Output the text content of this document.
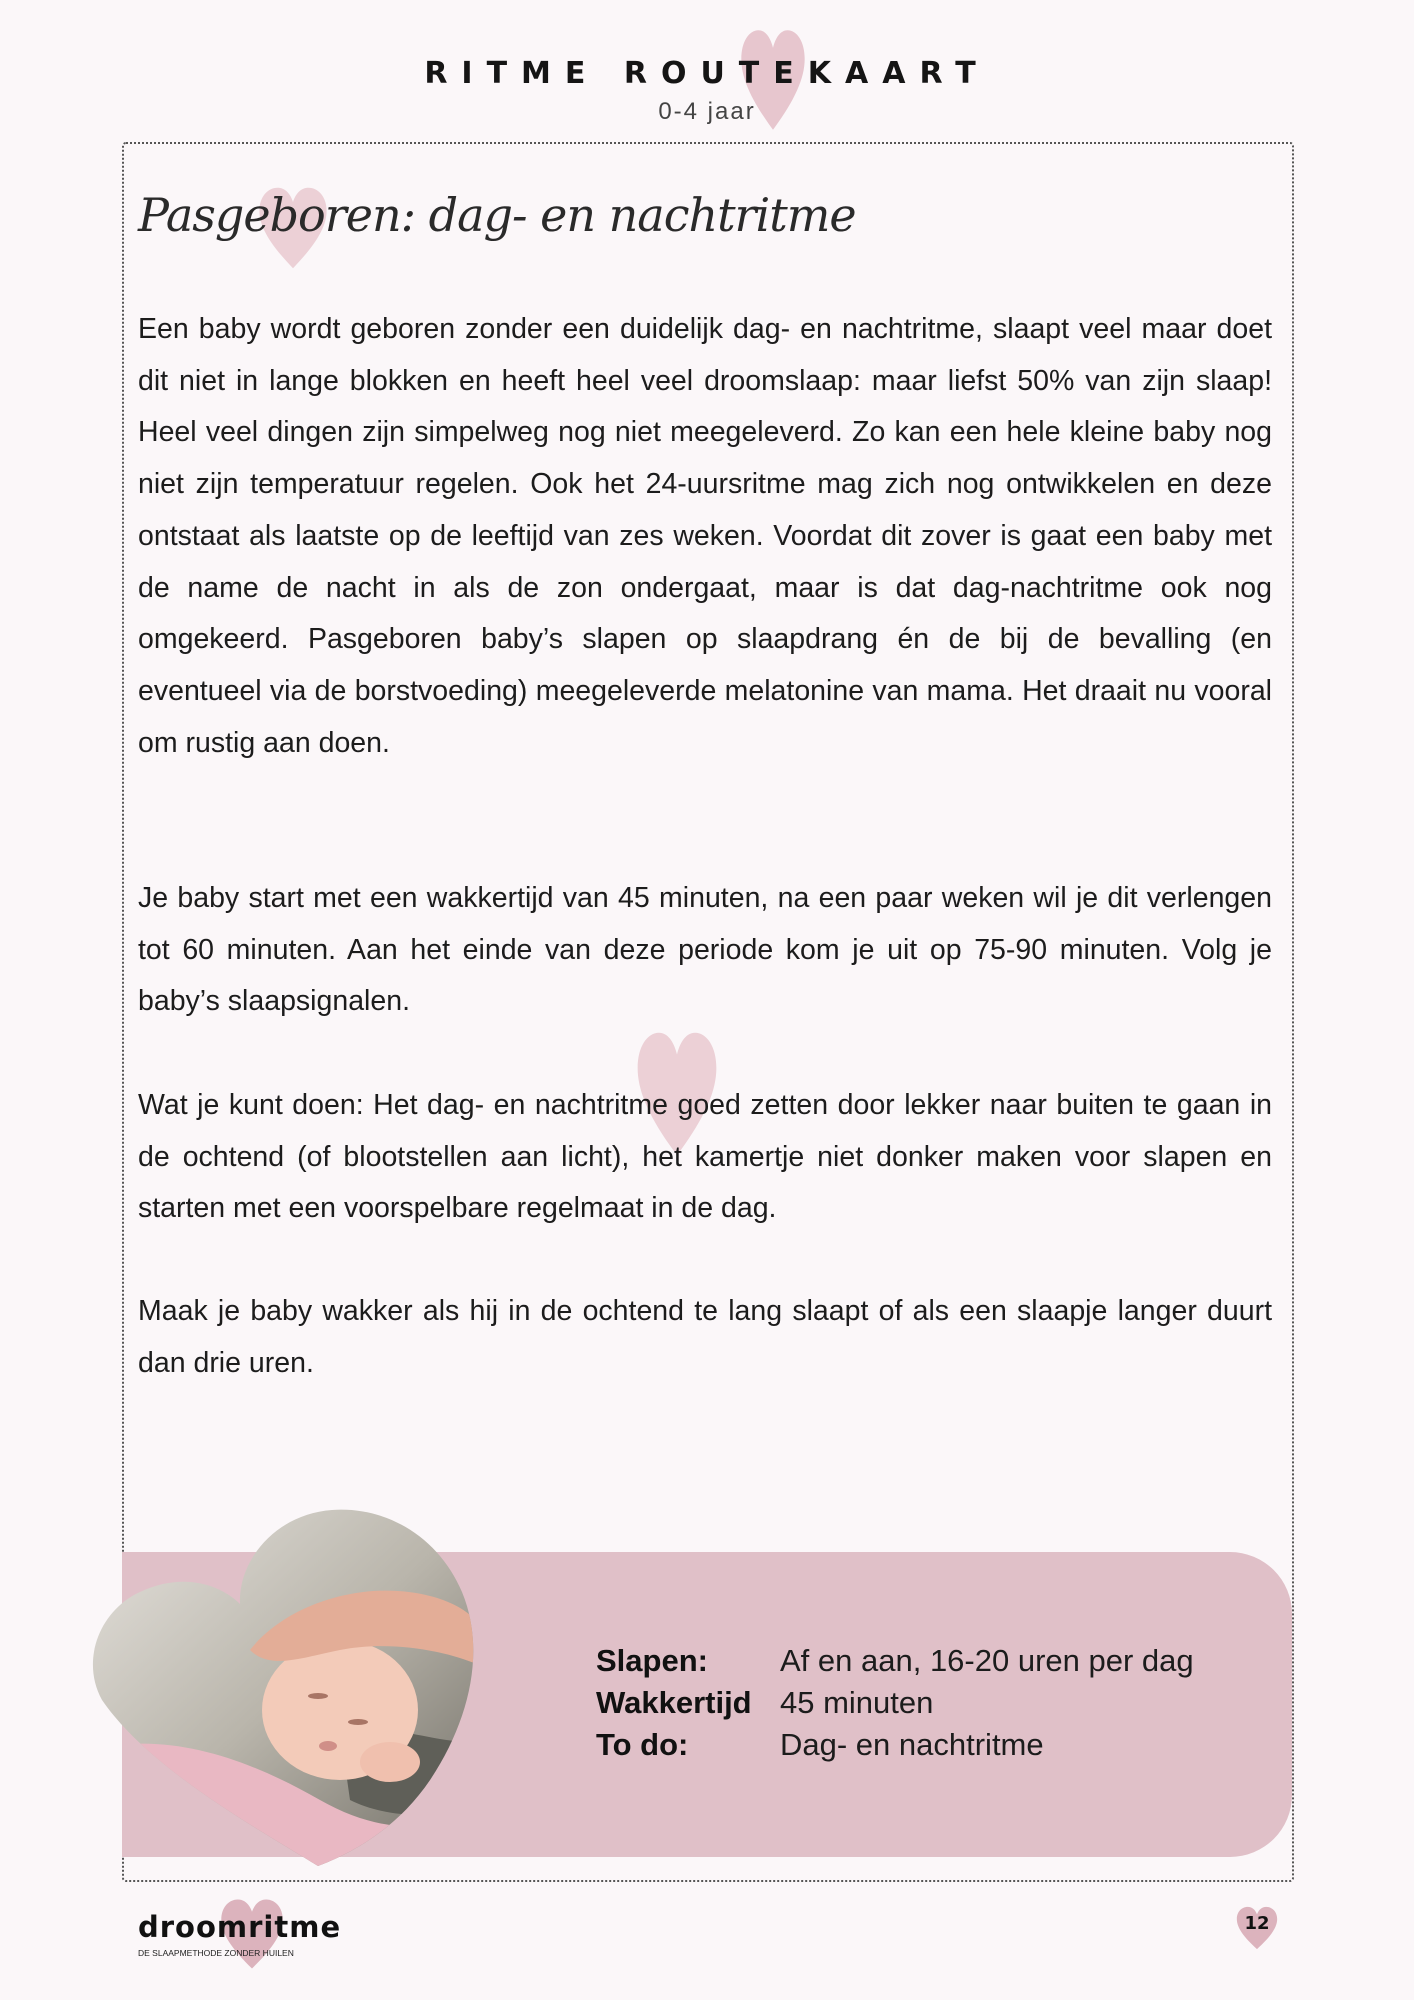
RITME ROUTEKAART
0-4 jaar
Pasgeboren: dag- en nachtritme

Een baby wordt geboren zonder een duidelijk dag- en nachtritme, slaapt veel maar doet dit niet in lange blokken en heeft heel veel droomslaap: maar liefst 50% van zijn slaap! Heel veel dingen zijn simpelweg nog niet meegeleverd. Zo kan een hele kleine baby nog niet zijn temperatuur regelen. Ook het 24-uursritme mag zich nog ontwikkelen en deze ontstaat als laatste op de leeftijd van zes weken. Voordat dit zover is gaat een baby met de name de nacht in als de zon ondergaat, maar is dat dag-nachtritme ook nog omgekeerd. Pasgeboren baby’s slapen op slaapdrang én de bij de bevalling (en eventueel via de borstvoeding) meegeleverde melatonine van mama. Het draait nu vooral om rustig aan doen.

Je baby start met een wakkertijd van 45 minuten, na een paar weken wil je dit verlengen tot 60 minuten. Aan het einde van deze periode kom je uit op 75-90 minuten. Volg je baby’s slaapsignalen.

Wat je kunt doen: Het dag- en nachtritme goed zetten door lekker naar buiten te gaan in de ochtend (of blootstellen aan licht), het kamertje niet donker maken voor slapen en starten met een voorspelbare regelmaat in de dag.

Maak je baby wakker als hij in de ochtend te lang slaapt of als een slaapje langer duurt dan drie uren.

Slapen:	Af en aan, 16-20 uren per dag
Wakkertijd 45 minuten
To do:	Dag- en nachtritme
droomritme
DE SLAAPMETHODE ZONDER HUILEN
12
